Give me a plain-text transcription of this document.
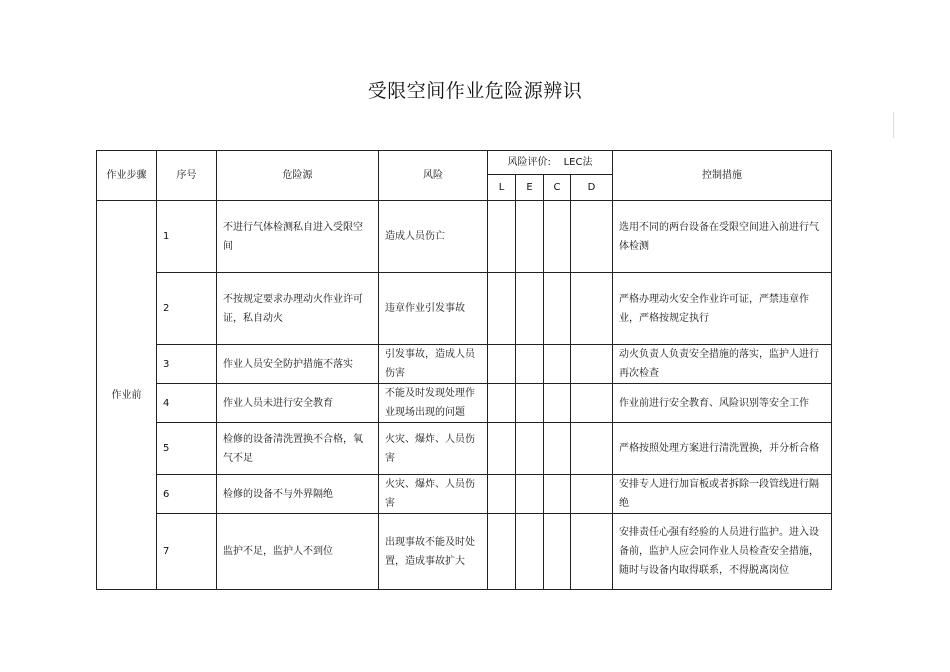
受限空间作业危险源辨识
作业步骤	序号	危险源	风险	风险评价:    LEC法				控制措施
				L	E	C	D	
作业前	1	不进行气体检测私自进入受限空间	造成人员伤亡					选用不同的两台设备在受限空间进入前进行气体检测
	2	不按规定要求办理动火作业许可证，私自动火	违章作业引发事故					严格办理动火安全作业许可证，严禁违章作业，严格按规定执行
	3	作业人员安全防护措施不落实	引发事故，造成人员伤害					动火负责人负责安全措施的落实，监护人进行再次检查
	4	作业人员未进行安全教育	不能及时发现处理作业现场出现的问题					作业前进行安全教育、风险识别等安全工作
	5	检修的设备清洗置换不合格，氧气不足	火灾、爆炸、人员伤害					严格按照处理方案进行清洗置换，并分析合格
	6	检修的设备不与外界隔绝	火灾、爆炸、人员伤害					安排专人进行加盲板或者拆除一段管线进行隔绝
	7	监护不足，监护人不到位	出现事故不能及时处置，造成事故扩大					安排责任心强有经验的人员进行监护。进入设备前，监护人应会同作业人员检查安全措施，随时与设备内取得联系，不得脱离岗位
